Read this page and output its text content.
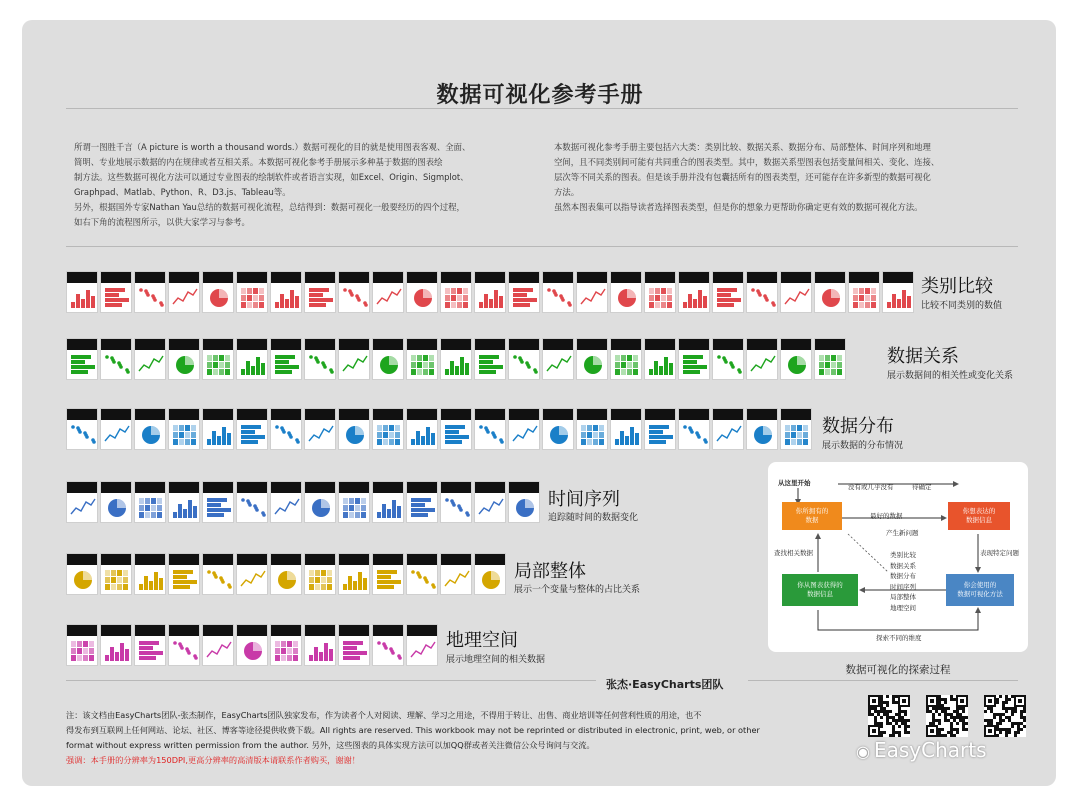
数据可视化参考手册
所谓一图胜千言（A picture is worth a thousand words.）数据可视化的目的就是使用图表客观、全面、
简明、专业地展示数据的内在规律或者互相关系。本数据可视化参考手册展示多种基于数据的图表绘
制方法。这些数据可视化方法可以通过专业图表的绘制软件或者语言实现，如Excel、Origin、Sigmplot、
Graphpad、Matlab、Python、R、D3.js、Tableau等。
另外，根据国外专家Nathan Yau总结的数据可视化流程，总结得到：数据可视化一般要经历的四个过程，
如右下角的流程图所示，以供大家学习与参考。
本数据可视化参考手册主要包括六大类：类别比较、数据关系、数据分布、局部整体、时间序列和地理
空间，且不同类别间可能有共同重合的图表类型。其中，数据关系型图表包括变量间相关、变化、连接、
层次等不同关系的图表。但是该手册并没有包囊括所有的图表类型，还可能存在许多新型的数据可视化
方法。
虽然本图表集可以指导读者选择图表类型，但是你的想象力更帮助你确定更有效的数据可视化方法。
类别比较
比较不同类别的数值
数据关系
展示数据间的相关性或变化关系
数据分布
展示数据的分布情况
时间序列
追踪随时间的数据变化
局部整体
展示一个变量与整体的占比关系
地理空间
展示地理空间的相关数据
从这里开始	没有或几乎没有	待确定
你所拥有的
数据
你想表达的
数据信息
最好的数据
产生新问题
查找相关数据	表现特定问题
类别比较
数据关系
数据分布
时间序列
局部整体
地理空间
你从图表获得的
数据信息
你会使用的
数据可视化方法
探索不同的维度
数据可视化的探索过程
张杰·EasyCharts团队
注：该文档由EasyCharts团队-张杰制作，EasyCharts团队独家发布，作为读者个人对阅读、理解、学习之用途，不得用于转让、出售、商业培训等任何营利性质的用途，也不
得发布到互联网上任何网站、论坛、社区、博客等途径提供收费下载。All rights are reserved. This workbook may not be reprinted or distributed in electronic, print, web, or other
format without express written permission from the author. 另外，这些图表的具体实现方法可以加QQ群或者关注微信公众号询问与交流。
强调：本手册的分辨率为150DPI,更高分辨率的高清版本请联系作者购买，谢谢！	◉ EasyCharts
